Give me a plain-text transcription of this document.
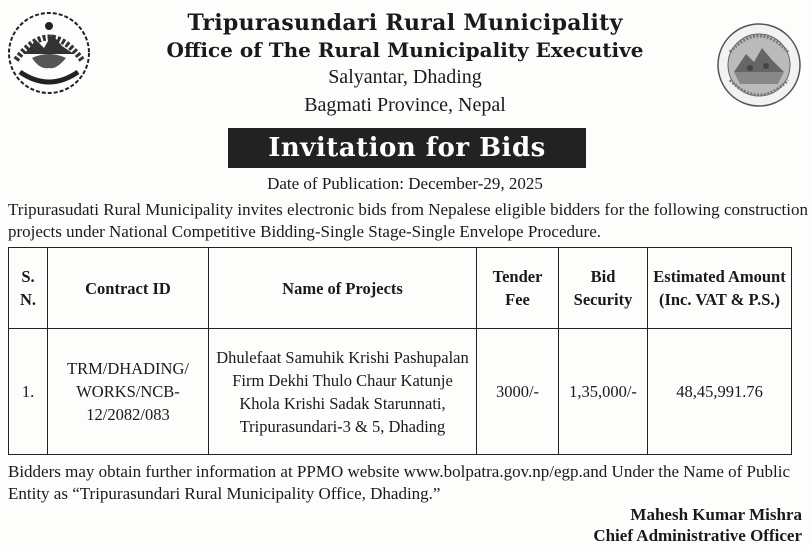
Tripurasundari Rural Municipality
Office of The Rural Municipality Executive
Salyantar, Dhading
Bagmati Province, Nepal
Invitation for Bids
Date of Publication: December-29, 2025
Tripurasudati Rural Municipality invites electronic bids from Nepalese eligible bidders for the following construction projects under National Competitive Bidding-Single Stage-Single Envelope Procedure.
S. N.	Contract ID	Name of Projects	Tender Fee	Bid Security	Estimated Amount (Inc. VAT & P.S.)
1.	TRM/DHADING/ WORKS/NCB-12/2082/083	Dhulefaat Samuhik Krishi Pashupalan Firm Dekhi Thulo Chaur Katunje Khola Krishi Sadak Starunnati, Tripurasundari-3 & 5, Dhading	3000/-	1,35,000/-	48,45,991.76
Bidders may obtain further information at PPMO website www.bolpatra.gov.np/egp.and Under the Name of Public Entity as “Tripurasundari Rural Municipality Office, Dhading.”
Mahesh Kumar Mishra
Chief Administrative Officer
